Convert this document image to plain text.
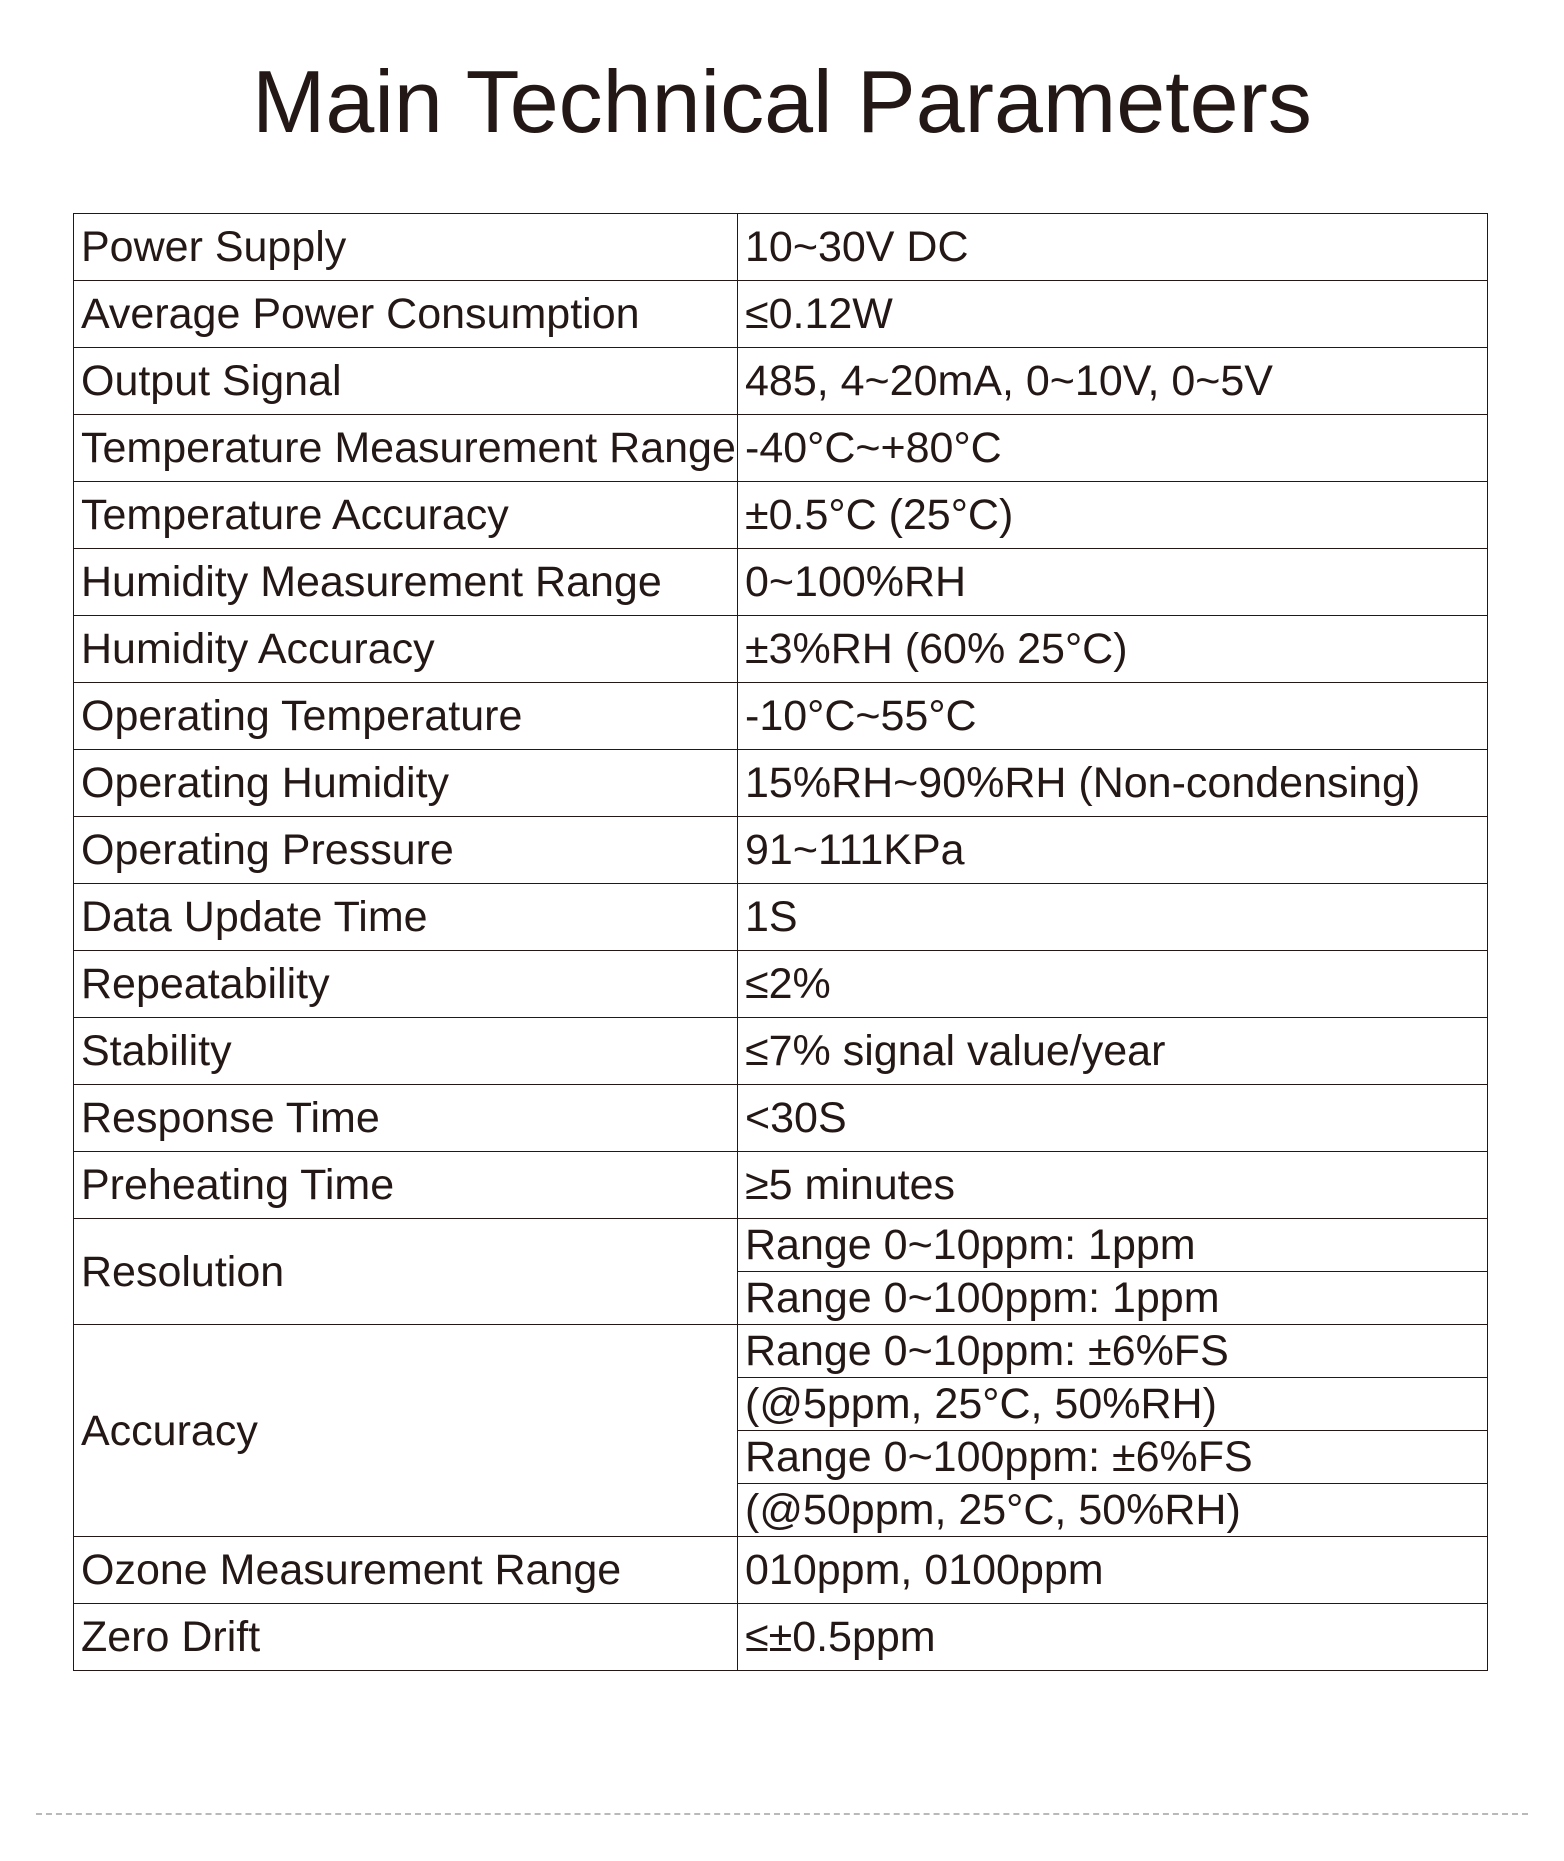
Main Technical Parameters
Power Supply	10~30V DC
Average Power Consumption	≤0.12W
Output Signal	485, 4~20mA, 0~10V, 0~5V
Temperature Measurement Range	-40°C~+80°C
Temperature Accuracy	±0.5°C (25°C)
Humidity Measurement Range	0~100%RH
Humidity Accuracy	±3%RH (60% 25°C)
Operating Temperature	-10°C~55°C
Operating Humidity	15%RH~90%RH (Non-condensing)
Operating Pressure	91~111KPa
Data Update Time	1S
Repeatability	≤2%
Stability	≤7% signal value/year
Response Time	<30S
Preheating Time	≥5 minutes
Resolution	Range 0~10ppm: 1ppm
	Range 0~100ppm: 1ppm
Accuracy	Range 0~10ppm: ±6%FS
	(@5ppm, 25°C, 50%RH)
	Range 0~100ppm: ±6%FS
	(@50ppm, 25°C, 50%RH)
Ozone Measurement Range	010ppm, 0100ppm
Zero Drift	≤±0.5ppm
